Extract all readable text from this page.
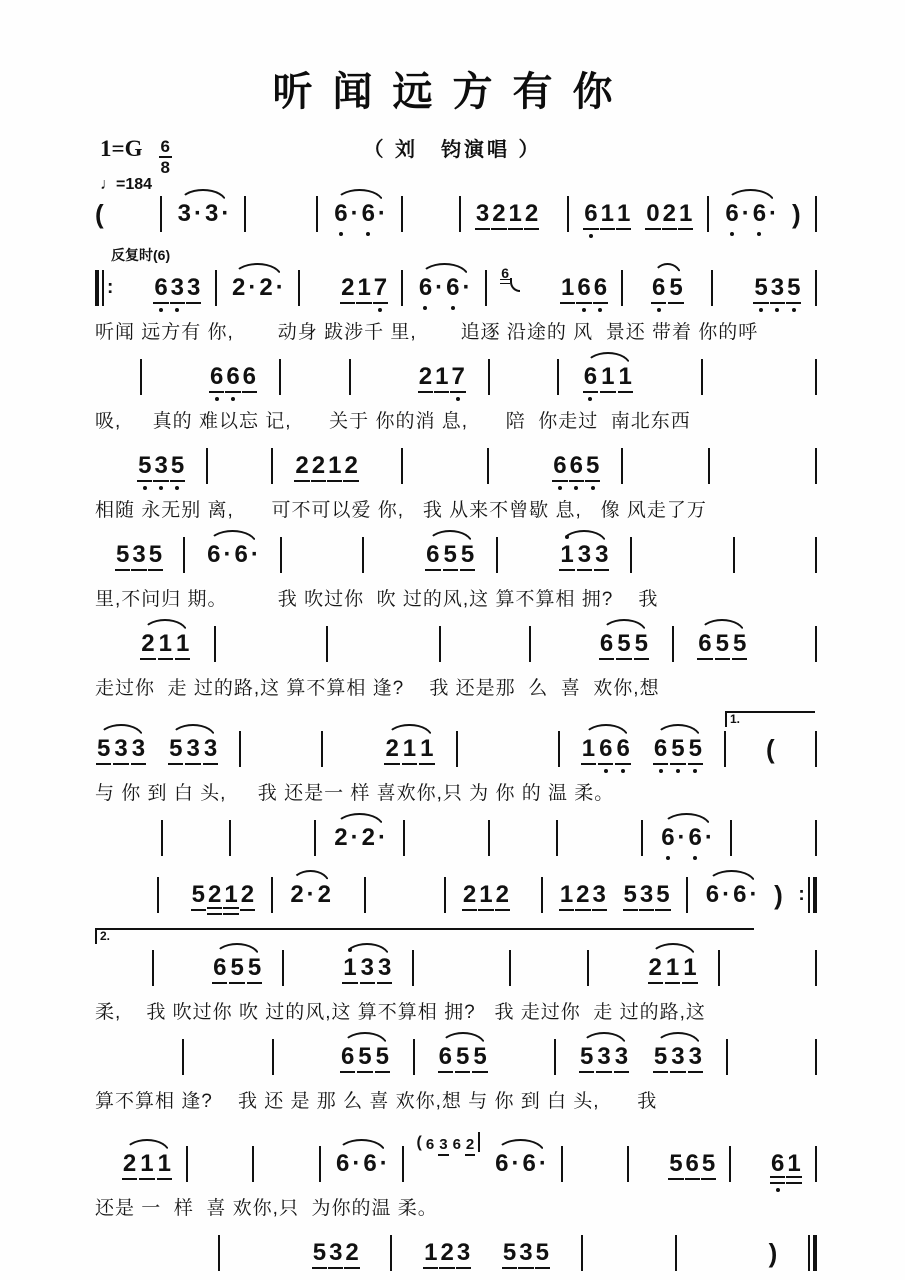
听闻远方有你
（ 刘　钧演唱 ）
$1=G \frac{6}{8}$
♩=184
(	3 · 3 ·	6 · 6 ·	3 2 1 2 6 1 1 0 2 1 6 · 6 · )
反复时(6)
: 6 3 3 2 · 2 · 2 1 7 6 · 6 ·
6
1 6 6 6 5	5 3 5
听闻 远方有 你,       动身 跋涉千 里,       追逐 沿途的 风  景还 带着 你的呼
6 6 6	2 1 7	6 1 1
吸,     真的 难以忘 记,      关于 你的消 息,      陪  你走过  南北东西
5 3 5	2 2 1 2	6 6 5
相随 永无别 离,      可不可以爱 你,   我 从来不曾歇 息,   像 风走了万
5 3 5 6 · 6 ·	6 5 5	1 3 3
里,不问归 期。        我 吹过你  吹 过的风,这 算不算相 拥?    我
2 1 1	6 5 5 6 5 5
走过你  走 过的路,这 算不算相 逢?    我 还是那  么  喜  欢你,想
1.
5 3 3 5 3 3	2 1 1	1 6 6 6 5 5 (
与 你 到 白 头,     我 还是一 样 喜欢你,只 为 你 的 温 柔。
2 · 2 ·	6 · 6 ·
5 2 1 2 2 · 2	2 1 2 1 2 3 5 3 5 6 · 6 · ) :
2.
6 5 5	1 3 3	2 1 1
柔,    我 吹过你 吹 过的风,这 算不算相 拥?   我 走过你  走 过的路,这
6 5 5 6 5 5	5 3 3 5 3 3
算不算相 逢?    我 还 是 那 么 喜 欢你,想 与 你 到 白 头,      我
2 1 1	6 · 6 ·
( 6 3 6 2
6 · 6 ·	5 6 5 6 1
还是 一  样  喜 欢你,只  为你的温 柔。
5 3 2	1 2 3 5 3 5	)
